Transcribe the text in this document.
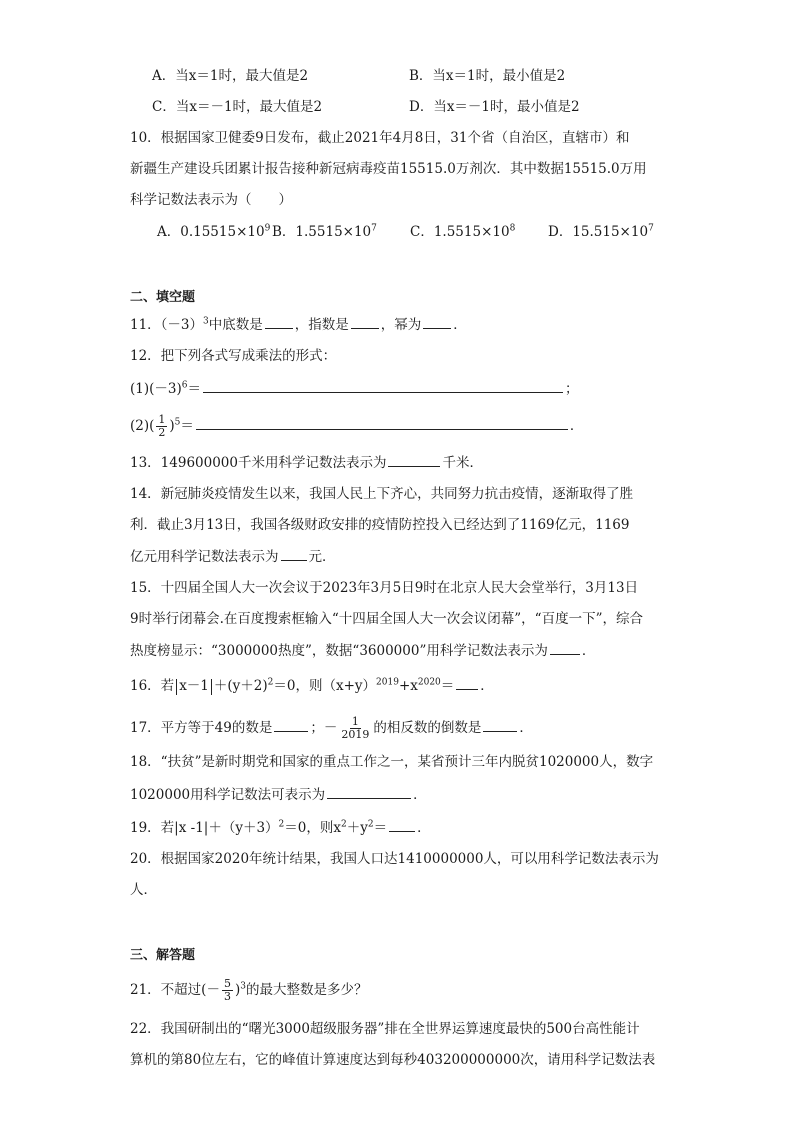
A．当x＝1时，最大值是2	B．当x＝1时，最小值是2
C．当x＝－1时，最大值是2	D．当x＝－1时，最小值是2
10．根据国家卫健委9日发布，截止2021年4月8日，31个省（自治区，直辖市）和
新疆生产建设兵团累计报告接种新冠病毒疫苗15515.0万剂次．其中数据15515.0万用
科学记数法表示为（　　）
A．$0.15515\times 10^9$ B．$1.5515\times 10^7$ C．$1.5515\times 10^8$ D．$15.515\times 10^7$
二、填空题
11．$(-3)^3$中底数是 ，指数是 ，幂为 ．
12．把下列各式写成乘法的形式：
$(1)(-3)^6=$	；
$(2)( \frac{1}{2} )^5=$	．
13．149600000千米用科学记数法表示为	千米．
14．新冠肺炎疫情发生以来，我国人民上下齐心，共同努力抗击疫情，逐渐取得了胜
利．截止3月13日，我国各级财政安排的疫情防控投入已经达到了1169亿元，1169
亿元用科学记数法表示为 元．
15．十四届全国人大一次会议于2023年3月5日9时在北京人民大会堂举行，3月13日
9时举行闭幕会.在百度搜索框输入“十四届全国人大一次会议闭幕”，“百度一下”，综合
热度榜显示：“3000000热度”，数据“3600000”用科学记数法表示为	．
16．若 $x-1 +(y+2)^2=0$，则$(x+y)^{2019}+x^{2020}=$ ．
17．平方等于49的数是	；－ $\frac{1}{2019}$ 的相反数的倒数是	．
18．“扶贫”是新时期党和国家的重点工作之一，某省预计三年内脱贫1020000人，数字
1020000用科学记数法可表示为	．
19．若|x $-1|+(y+3)^2=0$，则$x^2+y^2=$ ．
20．根据国家2020年统计结果，我国人口达1410000000人，可以用科学记数法表示为
人．
三、解答题
21．不超过(－ $\frac{5}{3} )^3$的最大整数是多少？
22．我国研制出的“曙光3000超级服务器”排在全世界运算速度最快的500台高性能计
算机的第80位左右，它的峰值计算速度达到每秒403200000000次，请用科学记数法表
